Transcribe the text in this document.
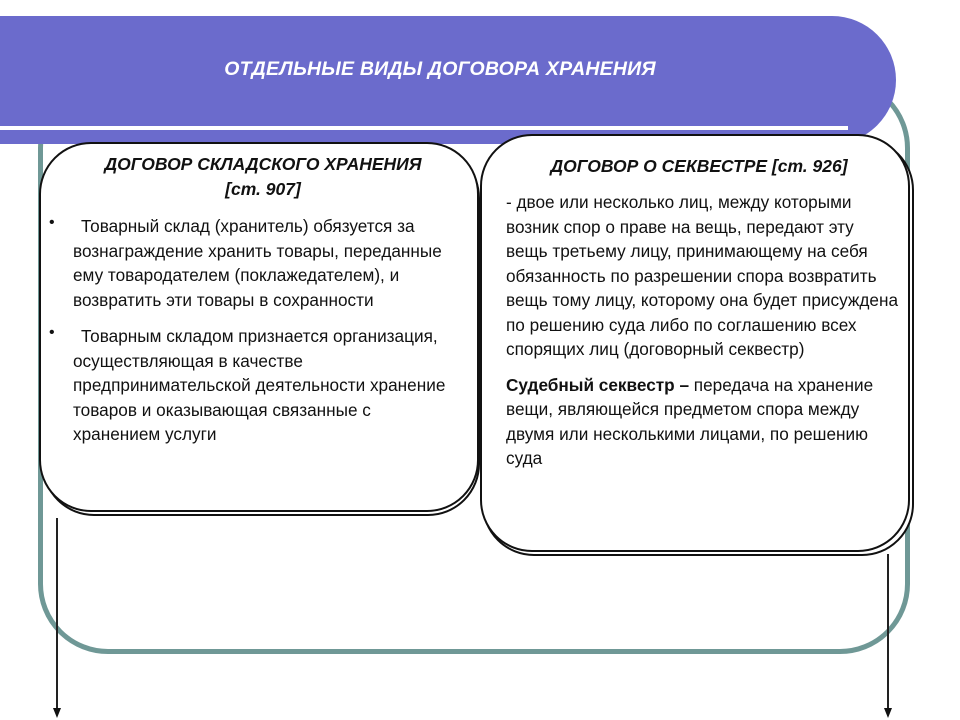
ОТДЕЛЬНЫЕ ВИДЫ ДОГОВОРА ХРАНЕНИЯ
ДОГОВОР СКЛАДСКОГО ХРАНЕНИЯ
[ст. 907]
• Товарный склад (хранитель) обязуется за вознаграждение хранить товары, переданные ему товародателем (поклажедателем), и возвратить эти товары в сохранности
• Товарным складом признается организация, осуществляющая в качестве предпринимательской деятельности хранение товаров и оказывающая связанные с хранением услуги
ДОГОВОР О СЕКВЕСТРЕ [ст. 926]
- двое или несколько лиц, между которыми возник спор о праве на вещь, передают эту вещь третьему лицу, принимающему на себя обязанность по разрешении спора возвратить вещь тому лицу, которому она будет присуждена по решению суда либо по соглашению всех спорящих лиц (договорный секвестр)
Судебный секвестр – передача на хранение вещи, являющейся предметом спора между двумя или несколькими лицами, по решению суда
